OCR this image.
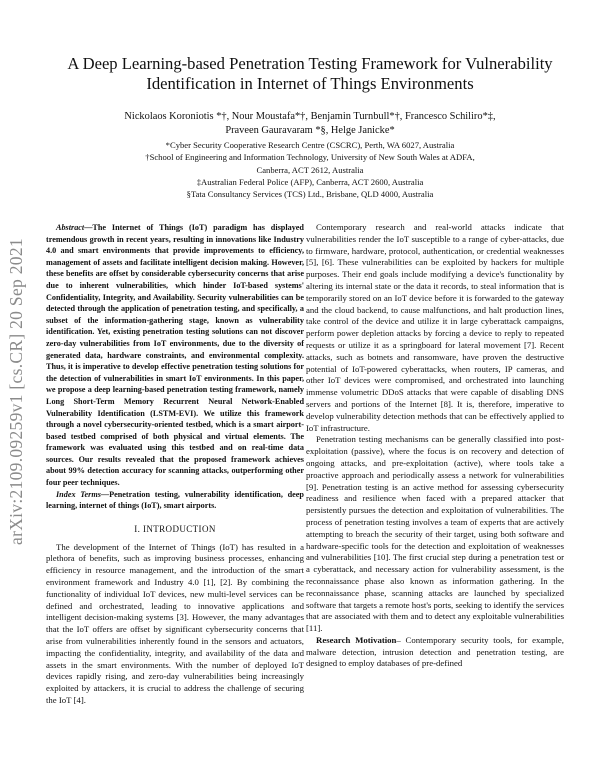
arXiv:2109.09259v1 [cs.CR] 20 Sep 2021
A Deep Learning-based Penetration Testing Framework for Vulnerability Identification in Internet of Things Environments
Nickolaos Koroniotis *†, Nour Moustafa*†, Benjamin Turnbull*†, Francesco Schiliro*‡,
Praveen Gauravaram *§, Helge Janicke*
*Cyber Security Cooperative Research Centre (CSCRC), Perth, WA 6027, Australia
†School of Engineering and Information Technology, University of New South Wales at ADFA,
Canberra, ACT 2612, Australia
‡Australian Federal Police (AFP), Canberra, ACT 2600, Australia
§Tata Consultancy Services (TCS) Ltd., Brisbane, QLD 4000, Australia

Abstract—The Internet of Things (IoT) paradigm has displayed tremendous growth in recent years, resulting in innovations like Industry 4.0 and smart environments that provide improvements to efficiency, management of assets and facilitate intelligent decision making. However, these benefits are offset by considerable cybersecurity concerns that arise due to inherent vulnerabilities, which hinder IoT-based systems' Confidentiality, Integrity, and Availability. Security vulnerabilities can be detected through the application of penetration testing, and specifically, a subset of the information-gathering stage, known as vulnerability identification. Yet, existing penetration testing solutions can not discover zero-day vulnerabilities from IoT environments, due to the diversity of generated data, hardware constraints, and environmental complexity. Thus, it is imperative to develop effective penetration testing solutions for the detection of vulnerabilities in smart IoT environments. In this paper, we propose a deep learning-based penetration testing framework, namely Long Short-Term Memory Recurrent Neural Network-Enabled Vulnerability Identification (LSTM-EVI). We utilize this framework through a novel cybersecurity-oriented testbed, which is a smart airport-based testbed comprised of both physical and virtual elements. The framework was evaluated using this testbed and on real-time data sources. Our results revealed that the proposed framework achieves about 99% detection accuracy for scanning attacks, outperforming other four peer techniques.

Index Terms—Penetration testing, vulnerability identification, deep learning, internet of things (IoT), smart airports.
I. INTRODUCTION

The development of the Internet of Things (IoT) has resulted in a plethora of benefits, such as improving business processes, enhancing efficiency in resource management, and the introduction of the smart environment framework and Industry 4.0 [1], [2]. By combining the functionality of individual IoT devices, new multi-level services can be defined and orchestrated, leading to innovative applications and intelligent decision-making systems [3]. However, the many advantages that the IoT offers are offset by significant cybersecurity concerns that arise from vulnerabilities inherently found in the sensors and actuators, impacting the confidentiality, integrity, and availability of the data and assets in the smart environments. With the number of deployed IoT devices rapidly rising, and zero-day vulnerabilities being increasingly exploited by attackers, it is crucial to address the challenge of securing the IoT [4].

Contemporary research and real-world attacks indicate that vulnerabilities render the IoT susceptible to a range of cyber-attacks, due to firmware, hardware, protocol, authentication, or credential weaknesses [5], [6]. These vulnerabilities can be exploited by hackers for multiple purposes. Their end goals include modifying a device's functionality by altering its internal state or the data it records, to steal information that is temporarily stored on an IoT device before it is forwarded to the gateway and the cloud backend, to cause malfunctions, and halt production lines, take control of the device and utilize it in large cyberattack campaigns, perform power depletion attacks by forcing a device to reply to repeated requests or utilize it as a springboard for lateral movement [7]. Recent attacks, such as botnets and ransomware, have proven the destructive potential of IoT-powered cyberattacks, when routers, IP cameras, and other IoT devices were compromised, and orchestrated into launching immense volumetric DDoS attacks that were capable of disabling DNS servers and portions of the Internet [8]. It is, therefore, imperative to develop vulnerability detection methods that can be effectively applied to IoT infrastructure.

Penetration testing mechanisms can be generally classified into post-exploitation (passive), where the focus is on recovery and detection of ongoing attacks, and pre-exploitation (active), where tools take a proactive approach and periodically assess a network for vulnerabilities [9]. Penetration testing is an active method for assessing cybersecurity readiness and resilience when faced with a prepared attacker that persistently pursues the detection and exploitation of vulnerabilities. The process of penetration testing involves a team of experts that are actively attempting to breach the security of their target, using both software and hardware-specific tools for the detection and exploitation of weaknesses and vulnerabilities [10]. The first crucial step during a penetration test or a cyberattack, and necessary action for vulnerability assessment, is the reconnaissance phase also known as information gathering. In the reconnaissance phase, scanning attacks are launched by specialized software that targets a remote host's ports, seeking to identify the services that are associated with them and to detect any exploitable vulnerabilities [11].

Research Motivation– Contemporary security tools, for example, malware detection, intrusion detection and penetration testing, are designed to employ databases of pre-defined
